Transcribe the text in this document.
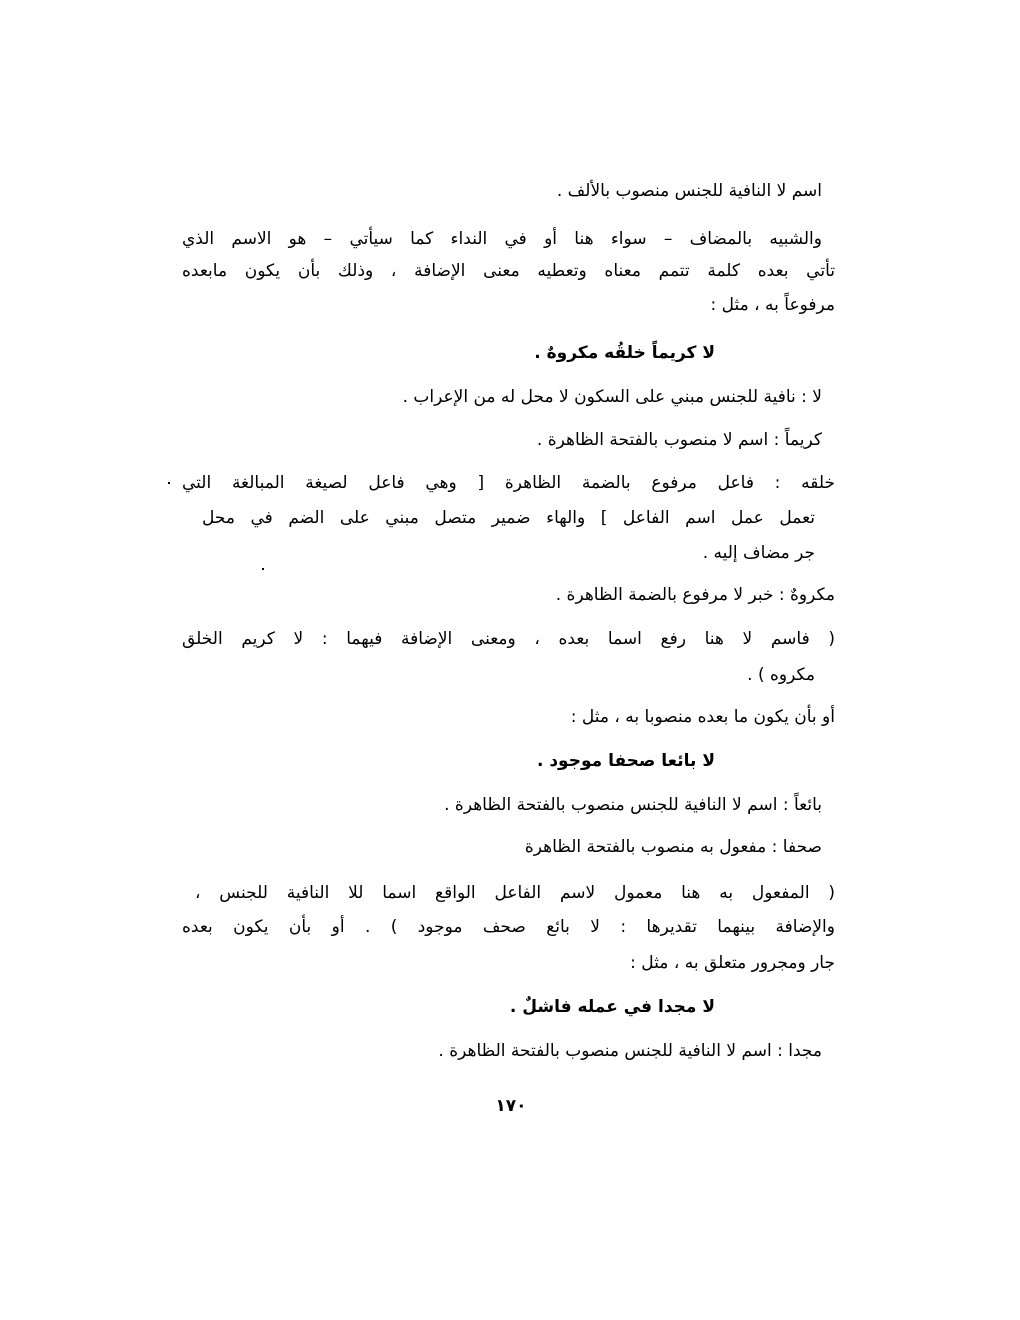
اسم لا النافية للجنس منصوب بالألف .
والشبيه بالمضاف – سواء هنا أو في النداء كما سيأتي – هو الاسم الذي
تأتي بعده كلمة تتمم معناه وتعطيه معنى الإضافة ، وذلك بأن يكون مابعده
مرفوعاً به ، مثل :
لا كريماً خلقُه مكروهٌ .
لا : نافية للجنس مبني على السكون لا محل له من الإعراب .
كريماً : اسم لا منصوب بالفتحة الظاهرة .
خلقه : فاعل مرفوع بالضمة الظاهرة [ وهي فاعل لصيغة المبالغة التي
تعمل عمل اسم الفاعل ] والهاء ضمير متصل مبني على الضم في محل
جر مضاف إليه .
مكروهٌ : خبر لا مرفوع بالضمة الظاهرة .
( فاسم لا هنا رفع اسما بعده ، ومعنى الإضافة فيهما : لا كريم الخلق
مكروه ) .
أو بأن يكون ما بعده منصوبا به ، مثل :
لا بائعا صحفا موجود .
بائعاً : اسم لا النافية للجنس منصوب بالفتحة الظاهرة .
صحفا : مفعول به منصوب بالفتحة الظاهرة
( المفعول به هنا معمول لاسم الفاعل الواقع اسما للا النافية للجنس ،
والإضافة بينهما تقديرها : لا بائع صحف موجود ) . أو بأن يكون بعده
جار ومجرور متعلق به ، مثل :
لا مجدا في عمله فاشلٌ .
مجدا : اسم لا النافية للجنس منصوب بالفتحة الظاهرة .
١٧٠
